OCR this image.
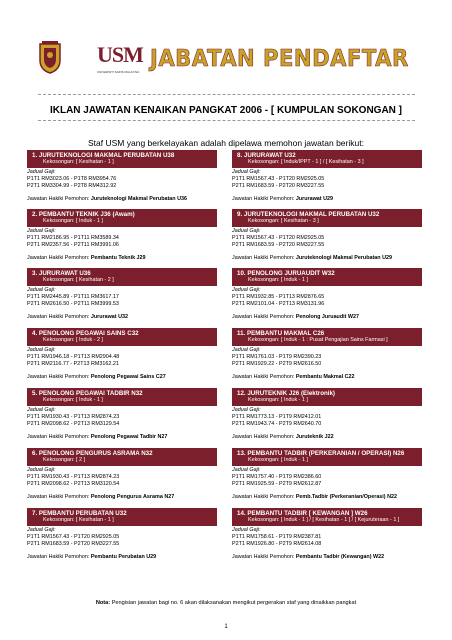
USM
UNIVERSITI SAINS MALAYSIA JABATAN PENDAFTAR
IKLAN JAWATAN KENAIKAN PANGKAT 2006 - [ KUMPULAN SOKONGAN ]
Staf USM yang berkelayakan adalah dipelawa memohon jawatan berikut:
1. JURUTEKNOLOGI MAKMAL PERUBATAN U38
Kekosongan: [ Kesihatan - 1 ]
Jadual Gaji:
P1T1 RM3023.06 - P1T8 RM3954.76
P2T1 RM3304.99 - P2T8 RM4312.92
Jawatan Hakiki Pemohon: Juruteknologi Makmal Perubatan U36
2. PEMBANTU TEKNIK J36 (Awam)
Kekosongan: [ Induk - 1 ]
Jadual Gaji:
P1T1 RM2186.95 - P1T11 RM3589.34
P2T1 RM2357.56 - P2T11 RM3991.06
Jawatan Hakiki Pemohon: Pembantu Teknik J29
3. JURURAWAT U36
Kekosongan: [ Kesihatan - 2 ]
Jadual Gaji:
P1T1 RM2445.89 - P1T11 RM3617.17
P2T1 RM2616.50 - P2T11 RM3999.53
Jawatan Hakiki Pemohon: Jururawat U32
4. PENOLONG PEGAWAI SAINS C32
Kekosongan: [ Induk - 2 ]
Jadual Gaji:
P1T1 RM1946.18 - P1T13 RM2904.48
P2T1 RM2116.77 - P2T13 RM3162.21
Jawatan Hakiki Pemohon: Penolong Pegawai Sains C27
5. PENOLONG PEGAWAI TADBIR N32
Kekosongan: [ Induk - 1 ]
Jadual Gaji:
P1T1 RM1930.43 - P1T13 RM2874.23
P2T1 RM2098.62 - P2T13 RM3129.54
Jawatan Hakiki Pemohon: Penolong Pegawai Tadbir N27
6. PENOLONG PENGURUS ASRAMA N32
Kekosongan: [ 2 ]
Jadual Gaji:
P1T1 RM1930.43 - P1T13 RM2874.23
P2T1 RM2098.62 - P2T13 RM3120.54
Jawatan Hakiki Pemohon: Penolong Pengurus Asrama N27
7. PEMBANTU PERUBATAN U32
Kekosongan: [ Kesihatan - 1 ]
Jadual Gaji:
P1T1 RM1567.43 - P1T20 RM2925.05
P2T1 RM1683.59 - P2T20 RM3227.55
Jawatan Hakiki Pemohon: Pembantu Perubatan U29
8. JURURAWAT U32
Kekosongan: [ Induk/IPPT - 1 ] / [ Kesihatan - 3 ]
Jadual Gaji:
P1T1 RM1567.43 - P1T20 RM2925.05
P2T1 RM1683.59 - P2T20 RM3227.55
Jawatan Hakiki Pemohon: Jururawat U29
9. JURUTEKNOLOGI MAKMAL PERUBATAN U32
Kekosongan: [ Kesihatan - 3 ]
Jadual Gaji:
P1T1 RM1567.43 - P1T20 RM2925.05
P2T1 RM1683.59 - P2T20 RM3227.55
Jawatan Hakiki Pemohon: Juruteknologi Makmal Perubatan U29
10. PENOLONG JURUAUDIT W32
Kekosongan: [ Induk - 1 ]
Jadual Gaji:
P1T1 RM1932.85 - P1T13 RM2876.65
P2T1 RM2101.04 - P2T13 RM3131.96
Jawatan Hakiki Pemohon: Penolong Juruaudit W27
11. PEMBANTU MAKMAL C26
Kekosongan: [ Induk - 1 : Pusat Pengajian Sains Farmasi ]
Jadual Gaji:
P1T1 RM1761.03 - P1T9 RM2390.23
P2T1 RM1929.22 - P2T9 RM2616.50
Jawatan Hakiki Pemohon: Pembantu Makmal C22
12. JURUTEKNIK J26 (Elektronik)
Kekosongan: [ Induk - 1 ]
Jadual Gaji:
P1T1 RM1773.13 - P1T9 RM2412.01
P2T1 RM1943.74 - P2T9 RM2640.70
Jawatan Hakiki Pemohon: Juruteknik J22
13. PEMBANTU TADBIR (PERKERANIAN / OPERASI) N26
Kekosongan: [ Induk - 1 ]
Jadual Gaji:
P1T1 RM1757.40 - P1T9 RM2386.60
P2T1 RM1925.59 - P2T9 RM2612.87
Jawatan Hakiki Pemohon: Pemb.Tadbir (Perkeranian/Operasi) N22
14. PEMBANTU TADBIR [ KEWANGAN ] W26
Kekosongan: [ Induk - 1 ] / [ Kesihatan - 1 ] / [ Kejuruteraan - 1 ]
Jadual Gaji:
P1T1 RM1758.61 - P1T9 RM2387.81
P2T1 RM1926.80 - P2T9 RM2614.08
Jawatan Hakiki Pemohon: Pembantu Tadbir (Kewangan) W22
Nota: Pengisian jawatan bagi no. 6 akan dilaksanakan mengikut pergerakan staf yang dinaikkan pangkat
1
